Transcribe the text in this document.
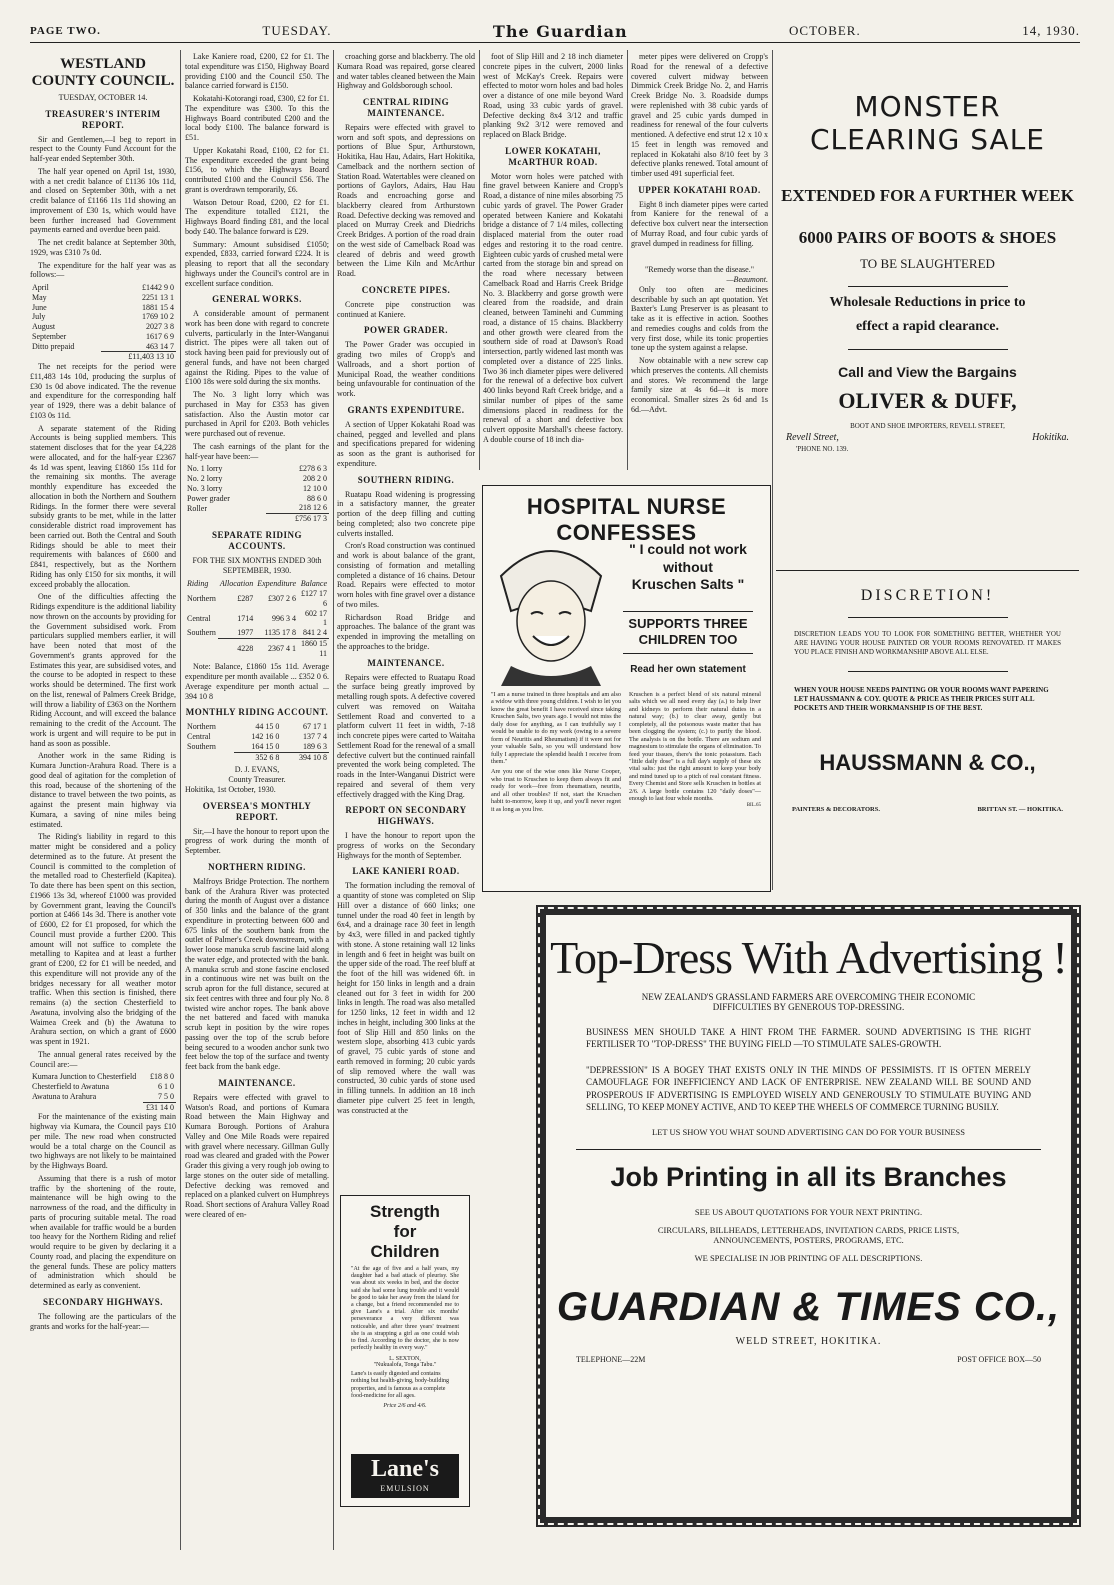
PAGE TWO.	TUESDAY.	The Guardian	OCTOBER.	14, 1930.
WESTLAND COUNTY COUNCIL.
TUESDAY, OCTOBER 14.
TREASURER'S INTERIM REPORT.

Sir and Gentlemen,—I beg to report in respect to the County Fund Account for the half-year ended September 30th.

The half year opened on April 1st, 1930, with a net credit balance of £1136 10s 11d, and closed on September 30th, with a net credit balance of £1166 11s 11d showing an improvement of £30 1s, which would have been further increased had Government payments earned and overdue been paid.

The net credit balance at September 30th, 1929, was £310 7s 0d.

The expenditure for the half year was as follows:—

April	£1442 9 0
May	2251 13 1
June	1881 15 4
July	1769 10 2
August	2027 3 8
September	1617 6 9
Ditto prepaid	463 14 7
	£11,403 13 10

The net receipts for the period were £11,483 14s 10d, producing the surplus of £30 1s 0d above indicated. The the revenue and expenditure for the corresponding half year of 1929, there was a debit balance of £103 0s 11d.

A separate statement of the Riding Accounts is being supplied members. This statement discloses that for the year £4,228 were allocated, and for the half-year £2367 4s 1d was spent, leaving £1860 15s 11d for the remaining six months. The average monthly expenditure has exceeded the allocation in both the Northern and Southern Ridings. In the former there were several subsidy grants to be met, while in the latter considerable district road improvement has been carried out. Both the Central and South Ridings should be able to meet their requirements with balances of £600 and £841, respectively, but as the Northern Riding has only £150 for six months, it will exceed probably the allocation.

One of the difficulties affecting the Ridings expenditure is the additional liability now thrown on the accounts by providing for the Government subsidised work. From particulars supplied members earlier, it will have been noted that most of the Government's grants approved for the Estimates this year, are subsidised votes, and the course to be adopted in respect to these works should be determined. The first work on the list, renewal of Palmers Creek Bridge, will throw a liability of £363 on the Northern Riding Account, and will exceed the balance remaining to the credit of the Account. The work is urgent and will require to be put in hand as soon as possible.

Another work in the same Riding is Kumara Junction-Arahura Road. There is a good deal of agitation for the completion of this road, because of the shortening of the distance to travel between the two points, as against the present main highway via Kumara, a saving of nine miles being estimated.

The Riding's liability in regard to this matter might be considered and a policy determined as to the future. At present the Council is committed to the completion of the metalled road to Chesterfield (Kapitea). To date there has been spent on this section, £1966 13s 3d, whereof £1000 was provided by Government grant, leaving the Council's portion at £466 14s 3d. There is another vote of £600, £2 for £1 proposed, for which the Council must provide a further £200. This amount will not suffice to complete the metalling to Kapitea and at least a further grant of £200, £2 for £1 will be needed, and this expenditure will not provide any of the bridges necessary for all weather motor traffic. When this section is finished, there remains (a) the section Chesterfield to Awatuna, involving also the bridging of the Waimea Creek and (b) the Awatuna to Arahura section, on which a grant of £600 was spent in 1921.

The annual general rates received by the Council are:—

Kumara Junction to Chesterfield	£18 8 0
Chesterfield to Awatuna	6 1 0
Awatuna to Arahura	7 5 0
	£31 14 0

For the maintenance of the existing main highway via Kumara, the Council pays £10 per mile. The new road when constructed would be a total charge on the Council as two highways are not likely to be maintained by the Highways Board.

Assuming that there is a rush of motor traffic by the shortening of the route, maintenance will be high owing to the narrowness of the road, and the difficulty in parts of procuring suitable metal. The road when available for traffic would be a burden too heavy for the Northern Riding and relief would require to be given by declaring it a County road, and placing the expenditure on the general funds. These are policy matters of administration which should be determined as early as convenient.

SECONDARY HIGHWAYS.

The following are the particulars of the grants and works for the half-year:—

Lake Kaniere road, £200, £2 for £1. The total expenditure was £150, Highway Board providing £100 and the Council £50. The balance carried forward is £150.

Kokatahi-Kotorangi road, £300, £2 for £1. The expenditure was £300. To this the Highways Board contributed £200 and the local body £100. The balance forward is £51.

Upper Kokatahi Road, £100, £2 for £1. The expenditure exceeded the grant being £156, to which the Highways Board contributed £100 and the Council £56. The grant is overdrawn temporarily, £6.

Watson Detour Road, £200, £2 for £1. The expenditure totalled £121, the Highways Board finding £81, and the local body £40. The balance forward is £29.

Summary: Amount subsidised £1050; expended, £833, carried forward £224. It is pleasing to report that all the secondary highways under the Council's control are in excellent surface condition.

GENERAL WORKS.

A considerable amount of permanent work has been done with regard to concrete culverts, particularly in the Inter-Wanganui district. The pipes were all taken out of stock having been paid for previously out of general funds, and have not been charged against the Riding. Pipes to the value of £100 18s were sold during the six months.

The No. 3 light lorry which was purchased in May for £353 has given satisfaction. Also the Austin motor car purchased in April for £203. Both vehicles were purchased out of revenue.

The cash earnings of the plant for the half-year have been:—

No. 1 lorry	£278 6 3
No. 2 lorry	208 2 0
No. 3 lorry	12 10 0
Power grader	88 6 0
Roller	218 12 6
	£756 17 3
SEPARATE RIDING ACCOUNTS.
FOR THE SIX MONTHS ENDED 30th SEPTEMBER, 1930.
Riding	Allocation	Expenditure	Balance
Northern	£287	£307 2 6	£127 17 6
Central	1714	996 3 4	602 17 1
Southern	1977	1135 17 8	841 2 4
	4228	2367 4 1	1860 15 11

Note: Balance, £1860 15s 11d. Average expenditure per month available ... £352 0 6. Average expenditure per month actual ... 394 10 8

MONTHLY RIDING ACCOUNT.
Northern	44 15 0	67 17 1
Central	142 16 0	137 7 4
Southern	164 15 0	189 6 3
	352 6 8	394 10 8
D. J. EVANS,
County Treasurer.
Hokitika, 1st October, 1930.
OVERSEA'S MONTHLY REPORT.

Sir,—I have the honour to report upon the progress of work during the month of September.

NORTHERN RIDING.

Malfroys Bridge Protection. The northern bank of the Arahura River was protected during the month of August over a distance of 350 links and the balance of the grant expenditure in protecting between 600 and 675 links of the southern bank from the outlet of Palmer's Creek downstream, with a lower loose manuka scrub fascine laid along the water edge, and protected with the bank. A manuka scrub and stone fascine enclosed in a continuous wire net was built on the scrub apron for the full distance, secured at six feet centres with three and four ply No. 8 twisted wire anchor ropes. The bank above the net battered and faced with manuka scrub kept in position by the wire ropes passing over the top of the scrub before being secured to a wooden anchor sunk two feet below the top of the surface and twenty feet back from the bank edge.

MAINTENANCE.

Repairs were effected with gravel to Watson's Road, and portions of Kumara Road between the Main Highway and Kumara Borough. Portions of Arahura Valley and One Mile Roads were repaired with gravel where necessary. Gillman Gully road was cleared and graded with the Power Grader this giving a very rough job owing to large stones on the outer side of metalling. Defective decking was removed and replaced on a planked culvert on Humphreys Road. Short sections of Arahura Valley Road were cleared of en-

croaching gorse and blackberry. The old Kumara Road was repaired, gorse cleared and water tables cleaned between the Main Highway and Goldsborough school.

CENTRAL RIDING MAINTENANCE.

Repairs were effected with gravel to worn and soft spots, and depressions on portions of Blue Spur, Arthurstown, Hokitika, Hau Hau, Adairs, Hart Hokitika, Camelback and the northern section of Station Road. Watertables were cleaned on portions of Gaylors, Adairs, Hau Hau Roads and encroaching gorse and blackberry cleared from Arthurstown Road. Defective decking was removed and placed on Murray Creek and Diedrichs Creek Bridges. A portion of the road drain on the west side of Camelback Road was cleared of debris and weed growth between the Lime Kiln and McArthur Road.

CONCRETE PIPES.

Concrete pipe construction was continued at Kaniere.

POWER GRADER.

The Power Grader was occupied in grading two miles of Cropp's and Wallroads, and a short portion of Municipal Road, the weather conditions being unfavourable for continuation of the work.

GRANTS EXPENDITURE.

A section of Upper Kokatahi Road was chained, pegged and levelled and plans and specifications prepared for widening as soon as the grant is authorised for expenditure.

SOUTHERN RIDING.

Ruatapu Road widening is progressing in a satisfactory manner, the greater portion of the deep filling and cutting being completed; also two concrete pipe culverts installed.

Cron's Road construction was continued and work is about balance of the grant, consisting of formation and metalling completed a distance of 16 chains. Detour Road. Repairs were effected to motor worn holes with fine gravel over a distance of two miles.

Richardson Road Bridge and approaches. The balance of the grant was expended in improving the metalling on the approaches to the bridge.

MAINTENANCE.

Repairs were effected to Ruatapu Road the surface being greatly improved by metalling rough spots. A defective covered culvert was removed on Waitaha Settlement Road and converted to a platform culvert 11 feet in width, 7-18 inch concrete pipes were carted to Waitaha Settlement Road for the renewal of a small defective culvert but the continued rainfall prevented the work being completed. The roads in the Inter-Wanganui District were repaired and several of them very effectively dragged with the King Drag.

REPORT ON SECONDARY HIGHWAYS.

I have the honour to report upon the progress of works on the Secondary Highways for the month of September.

LAKE KANIERI ROAD.

The formation including the removal of a quantity of stone was completed on Slip Hill over a distance of 660 links; one tunnel under the road 40 feet in length by 6x4, and a drainage race 30 feet in length by 4x3, were filled in and packed tightly with stone. A stone retaining wall 12 links in length and 6 feet in height was built on the upper side of the road. The reef bluff at the foot of the hill was widened 6ft. in height for 150 links in length and a drain cleaned out for 3 feet in width for 200 links in length. The road was also metalled for 1250 links, 12 feet in width and 12 inches in height, including 300 links at the foot of Slip Hill and 850 links on the western slope, absorbing 413 cubic yards of gravel, 75 cubic yards of stone and earth removed in forming; 20 cubic yards of slip removed where the wall was constructed, 30 cubic yards of stone used in filling tunnels. In addition an 18 inch diameter pipe culvert 25 feet in length, was constructed at the

Strength
for
Children
"At the age of five and a half years, my daughter had a bad attack of pleurisy. She was about six weeks in bed, and the doctor said she had some lung trouble and it would be good to take her away from the island for a change, but a friend recommended me to give Lane's a trial. After six months' perseverance a very different was noticeable, and after three years' treatment she is as strapping a girl as one could wish to find. According to the doctor, she is now perfectly healthy in every way."
L. SEXTON,
"Nukualofa, Tonga Tabu."
Lane's is easily digested and contains nothing but health-giving, body-building properties, and is famous as a complete food-medicine for all ages.
Price 2/6 and 4/6.
Lane's
EMULSION

foot of Slip Hill and 2 18 inch diameter concrete pipes in the culvert, 2000 links west of McKay's Creek. Repairs were effected to motor worn holes and bad holes over a distance of one mile beyond Ward Road, using 33 cubic yards of gravel. Defective decking 8x4 3/12 and traffic planking 9x2 3/12 were removed and replaced on Black Bridge.

LOWER KOKATAHI, McARTHUR ROAD.

Motor worn holes were patched with fine gravel between Kaniere and Cropp's Road, a distance of nine miles absorbing 75 cubic yards of gravel. The Power Grader operated between Kaniere and Kokatahi bridge a distance of 7 1/4 miles, collecting displaced material from the outer road edges and restoring it to the road centre. Eighteen cubic yards of crushed metal were carted from the storage bin and spread on the road where necessary between Camelback Road and Harris Creek Bridge No. 3. Blackberry and gorse growth were cleared from the roadside, and drain cleaned, between Taminehi and Cumming road, a distance of 15 chains. Blackberry and other growth were cleared from the southern side of road at Dawson's Road intersection, partly widened last month was completed over a distance of 225 links. Two 36 inch diameter pipes were delivered for the renewal of a defective box culvert 400 links beyond Raft Creek bridge, and a similar number of pipes of the same dimensions placed in readiness for the renewal of a short and defective box culvert opposite Marshall's cheese factory. A double course of 18 inch dia-

meter pipes were delivered on Cropp's Road for the renewal of a defective covered culvert midway between Dimmick Creek Bridge No. 2, and Harris Creek Bridge No. 3. Roadside dumps were replenished with 38 cubic yards of gravel and 25 cubic yards dumped in readiness for renewal of the four culverts mentioned. A defective end strut 12 x 10 x 15 feet in length was removed and replaced in Kokatahi also 8/10 feet by 3 defective planks renewed. Total amount of timber used 491 superficial feet.

UPPER KOKATAHI ROAD.

Eight 8 inch diameter pipes were carted from Kaniere for the renewal of a defective box culvert near the intersection of Murray Road, and four cubic yards of gravel dumped in readiness for filling.

"Remedy worse than the disease."
—Beaumont.

Only too often are medicines describable by such an apt quotation. Yet Baxter's Lung Preserver is as pleasant to take as it is effective in action. Soothes and remedies coughs and colds from the very first dose, while its tonic properties tone up the system against a relapse.

Now obtainable with a new screw cap which preserves the contents. All chemists and stores. We recommend the large family size at 4s 6d—it is more economical. Smaller sizes 2s 6d and 1s 6d.—Advt.

HOSPITAL NURSE CONFESSES
" I could not work
without
Kruschen Salts "
SUPPORTS THREE
CHILDREN TOO
Read her own statement

"I am a nurse trained in three hospitals and am also a widow with three young children. I wish to let you know the great benefit I have received since taking Kruschen Salts, two years ago. I would not miss the daily dose for anything, as I can truthfully say I would be unable to do my work (owing to a severe form of Neuritis and Rheumatism) if it were not for your valuable Salts, so you will understand how fully I appreciate the splendid health I receive from them."

Are you one of the wise ones like Nurse Cooper, who trust to Kruschen to keep them always fit and ready for work—free from rheumatism, neuritis, and all other troubles? If not, start the Kruschen habit to-morrow, keep it up, and you'll never regret it as long as you live.

Kruschen is a perfect blend of six natural mineral salts which we all need every day (a.) to help liver and kidneys to perform their natural duties in a natural way; (b.) to clear away, gently but completely, all the poisonous waste matter that has been clogging the system; (c.) to purify the blood. The analysis is on the bottle. There are sodium and magnesium to stimulate the organs of elimination. To feed your tissues, there's the tonic potassium. Each "little daily dose" is a full day's supply of these six vital salts: just the right amount to keep your body and mind tuned up to a pitch of real constant fitness. Every Chemist and Store sells Kruschen in bottles at 2/6. A large bottle contains 120 "daily doses"—enough to last four whole months.

BIL.65
MONSTER
CLEARING SALE
EXTENDED FOR A FURTHER WEEK
6000 PAIRS OF BOOTS & SHOES
TO BE SLAUGHTERED
Wholesale Reductions in price to
effect a rapid clearance.
Call and View the Bargains
OLIVER & DUFF,
BOOT AND SHOE IMPORTERS, REVELL STREET,
Revell Street,	Hokitika.
'PHONE NO. 139.
DISCRETION!
DISCRETION LEADS YOU TO LOOK FOR SOMETHING BETTER, WHETHER YOU ARE HAVING YOUR HOUSE PAINTED OR YOUR ROOMS RENOVATED. IT MAKES YOU PLACE FINISH AND WORKMANSHIP ABOVE ALL ELSE.
WHEN YOUR HOUSE NEEDS PAINTING OR YOUR ROOMS WANT PAPERING LET HAUSSMANN & COY. QUOTE & PRICE AS THEIR PRICES SUIT ALL POCKETS AND THEIR WORKMANSHIP IS OF THE BEST.
HAUSSMANN & CO.,
PAINTERS & DECORATORS.	BRITTAN ST. — HOKITIKA.
Top-Dress With Advertising !
NEW ZEALAND'S GRASSLAND FARMERS ARE OVERCOMING THEIR ECONOMIC
DIFFICULTIES BY GENEROUS TOP-DRESSING.
BUSINESS MEN SHOULD TAKE A HINT FROM THE FARMER. SOUND ADVERTISING IS THE RIGHT FERTILISER TO "TOP-DRESS" THE BUYING FIELD —TO STIMULATE SALES-GROWTH.
"DEPRESSION" IS A BOGEY THAT EXISTS ONLY IN THE MINDS OF PESSIMISTS. IT IS OFTEN MERELY CAMOUFLAGE FOR INEFFICIENCY AND LACK OF ENTERPRISE. NEW ZEALAND WILL BE SOUND AND PROSPEROUS IF ADVERTISING IS EMPLOYED WISELY AND GENEROUSLY TO STIMULATE BUYING AND SELLING, TO KEEP MONEY ACTIVE, AND TO KEEP THE WHEELS OF COMMERCE TURNING BUSILY.
LET US SHOW YOU WHAT SOUND ADVERTISING CAN DO FOR YOUR BUSINESS
Job Printing in all its Branches
SEE US ABOUT QUOTATIONS FOR YOUR NEXT PRINTING.
CIRCULARS, BILLHEADS, LETTERHEADS, INVITATION CARDS, PRICE LISTS,
ANNOUNCEMENTS, POSTERS, PROGRAMS, ETC.
WE SPECIALISE IN JOB PRINTING OF ALL DESCRIPTIONS.
GUARDIAN & TIMES CO.,
WELD STREET, HOKITIKA.
TELEPHONE—22M	POST OFFICE BOX—50
